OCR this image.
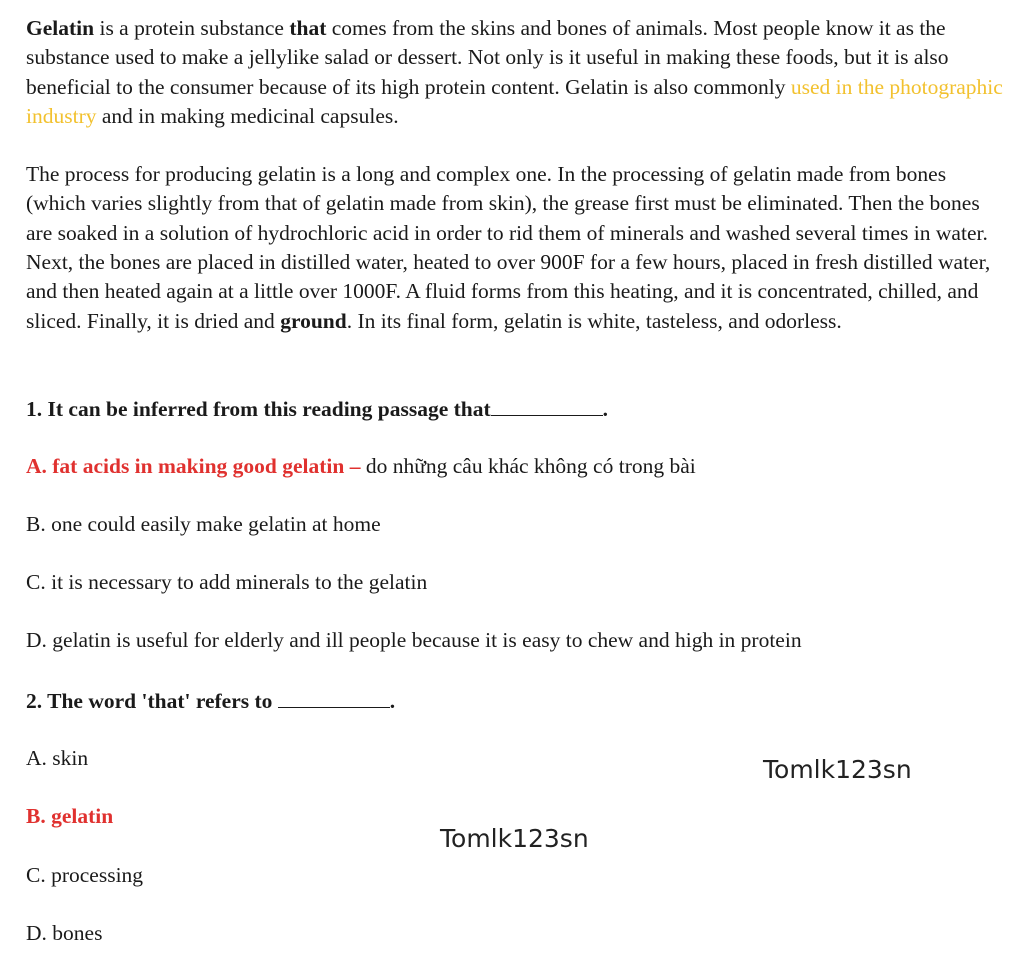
Gelatin is a protein substance that comes from the skins and bones of animals. Most people know it as the substance used to make a jellylike salad or dessert. Not only is it useful in making these foods, but it is also beneficial to the consumer because of its high protein content. Gelatin is also commonly used in the photographic industry and in making medicinal capsules.

The process for producing gelatin is a long and complex one. In the processing of gelatin made from bones (which varies slightly from that of gelatin made from skin), the grease first must be eliminated. Then the bones are soaked in a solution of hydrochloric acid in order to rid them of minerals and washed several times in water. Next, the bones are placed in distilled water, heated to over 900F for a few hours, placed in fresh distilled water, and then heated again at a little over 1000F. A fluid forms from this heating, and it is concentrated, chilled, and sliced. Finally, it is dried and ground. In its final form, gelatin is white, tasteless, and odorless.

1. It can be inferred from this reading passage that	.

A. fat acids in making good gelatin – do những câu khác không có trong bài

B. one could easily make gelatin at home

C. it is necessary to add minerals to the gelatin

D. gelatin is useful for elderly and ill people because it is easy to chew and high in protein

2. The word 'that' refers to	.

A. skin

B. gelatin

C. processing

D. bones

Tomlk123sn
Tomlk123sn
